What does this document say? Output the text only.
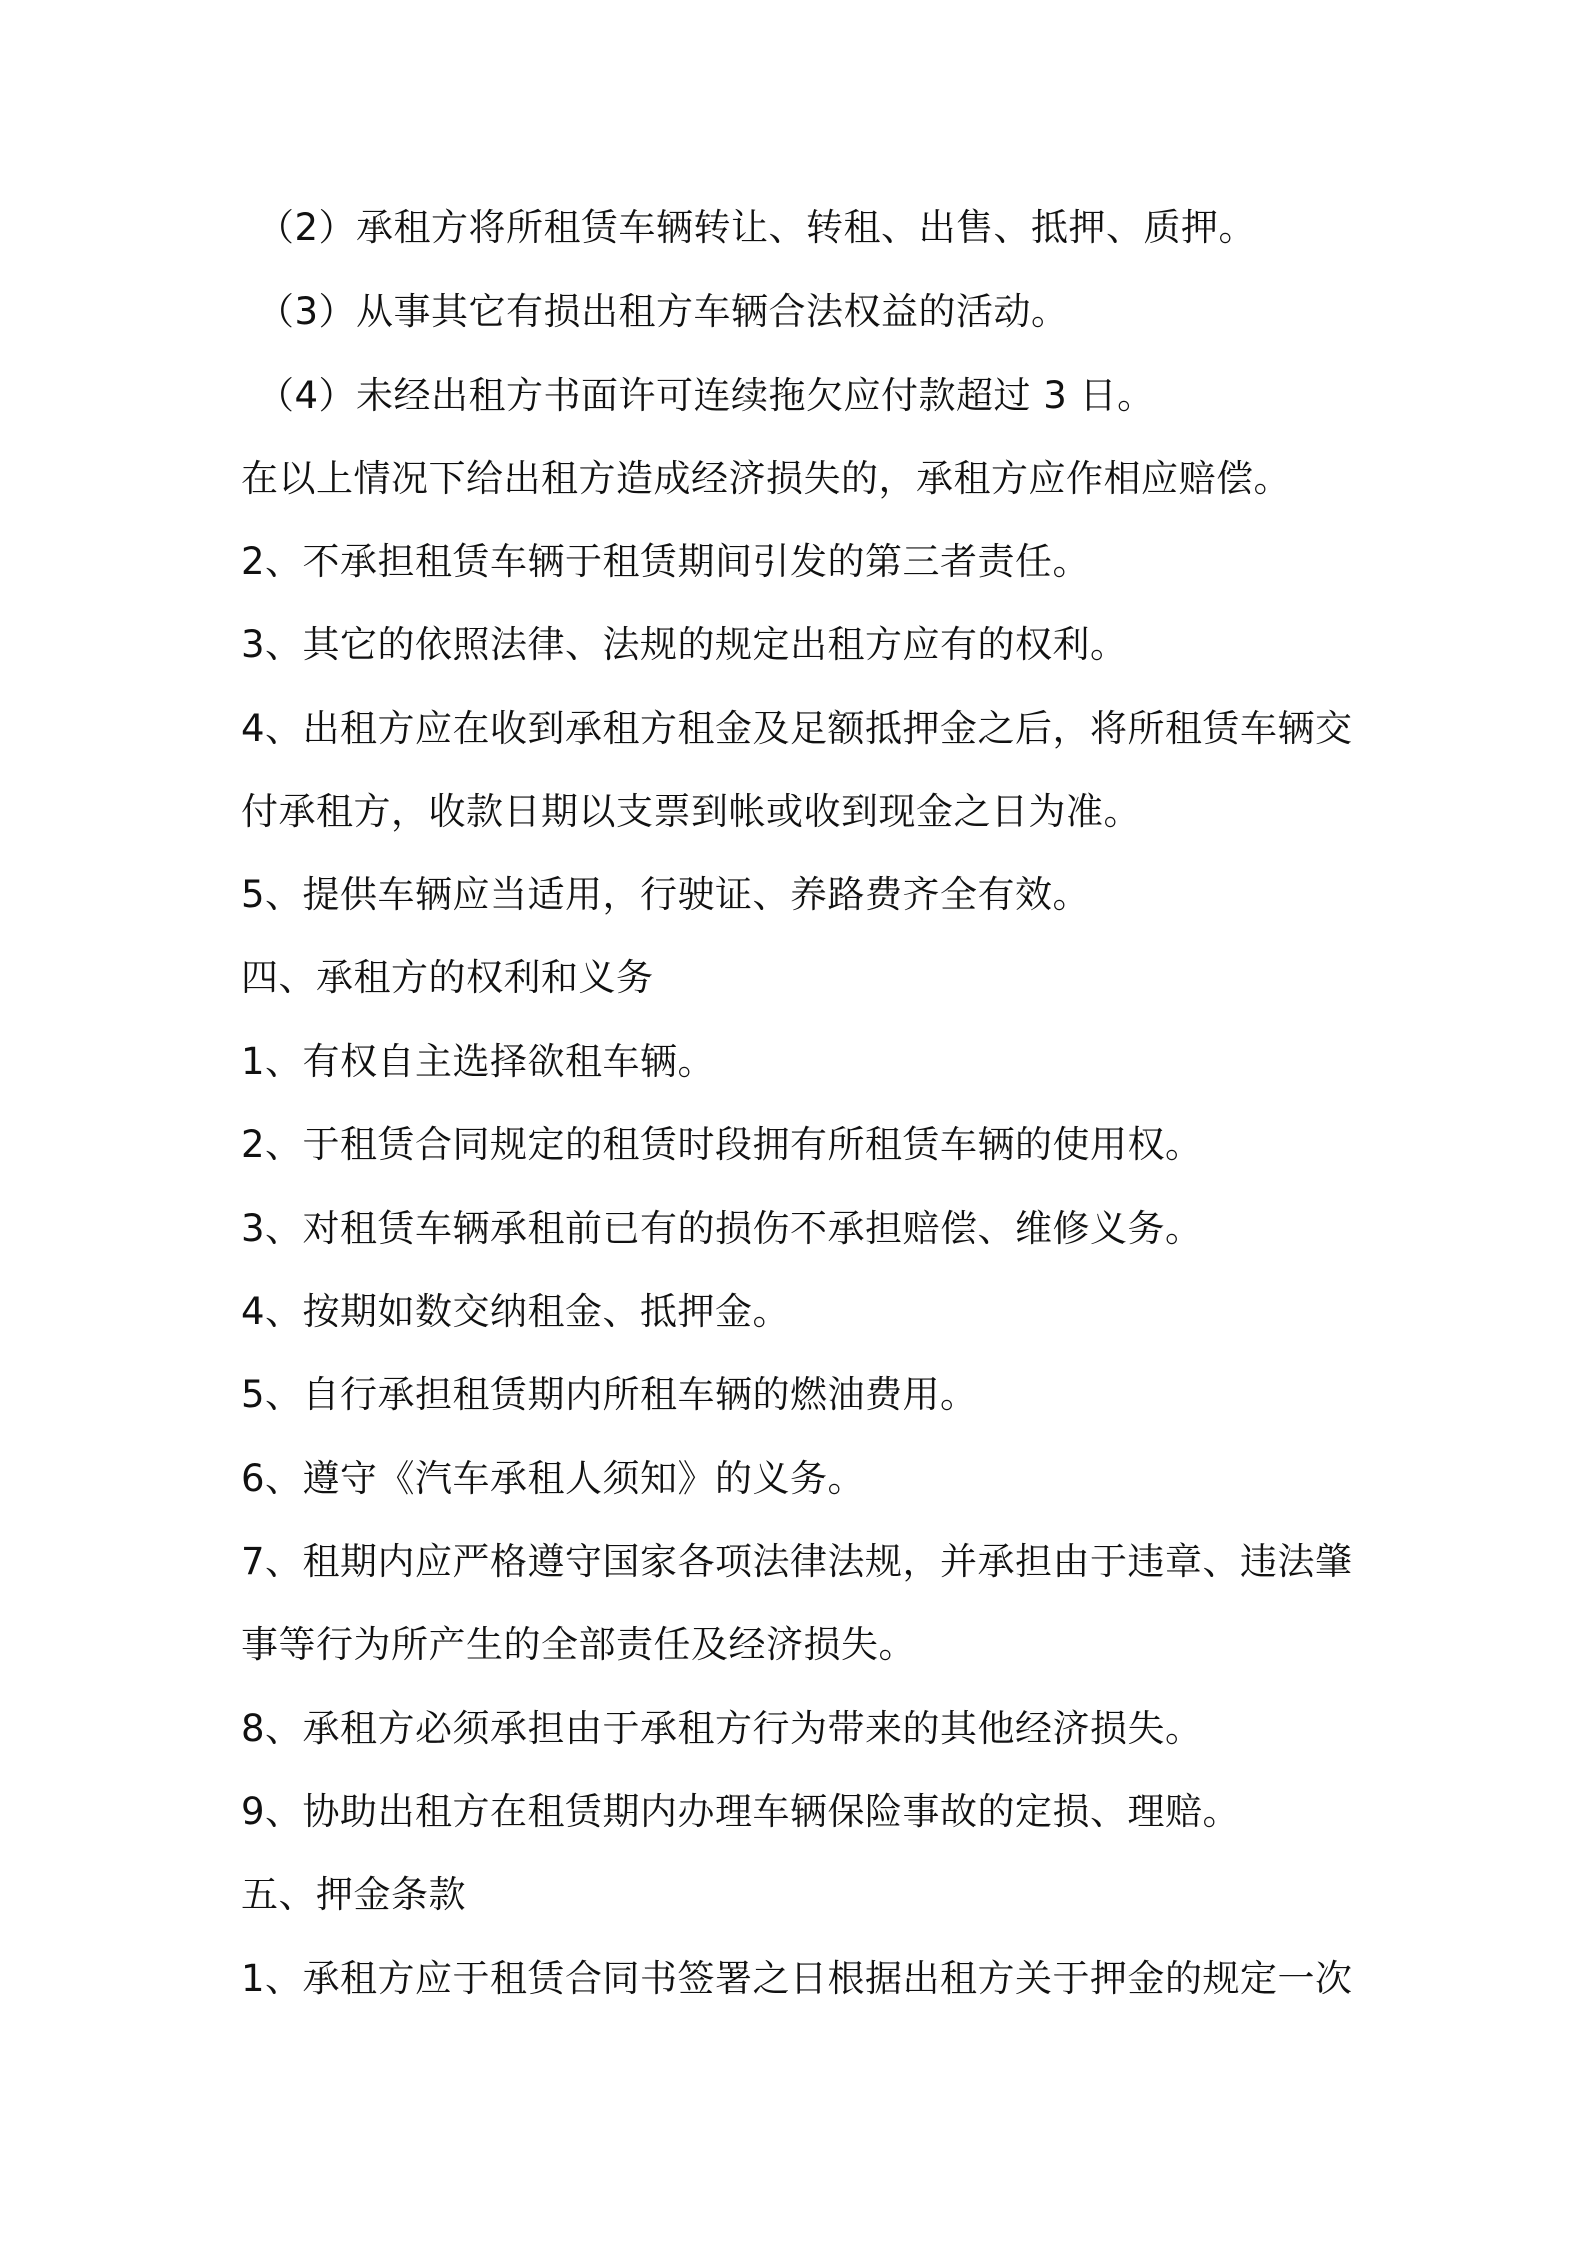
（2）承租方将所租赁车辆转让、转租、出售、抵押、质押。
（3）从事其它有损出租方车辆合法权益的活动。
（4）未经出租方书面许可连续拖欠应付款超过 3 日。
在以上情况下给出租方造成经济损失的，承租方应作相应赔偿。
2、不承担租赁车辆于租赁期间引发的第三者责任。
3、其它的依照法律、法规的规定出租方应有的权利。
4、出租方应在收到承租方租金及足额抵押金之后，将所租赁车辆交
付承租方，收款日期以支票到帐或收到现金之日为准。
5、提供车辆应当适用，行驶证、养路费齐全有效。
四、承租方的权利和义务
1、有权自主选择欲租车辆。
2、于租赁合同规定的租赁时段拥有所租赁车辆的使用权。
3、对租赁车辆承租前已有的损伤不承担赔偿、维修义务。
4、按期如数交纳租金、抵押金。
5、自行承担租赁期内所租车辆的燃油费用。
6、遵守《汽车承租人须知》的义务。
7、租期内应严格遵守国家各项法律法规，并承担由于违章、违法肇
事等行为所产生的全部责任及经济损失。
8、承租方必须承担由于承租方行为带来的其他经济损失。
9、协助出租方在租赁期内办理车辆保险事故的定损、理赔。
五、押金条款
1、承租方应于租赁合同书签署之日根据出租方关于押金的规定一次
